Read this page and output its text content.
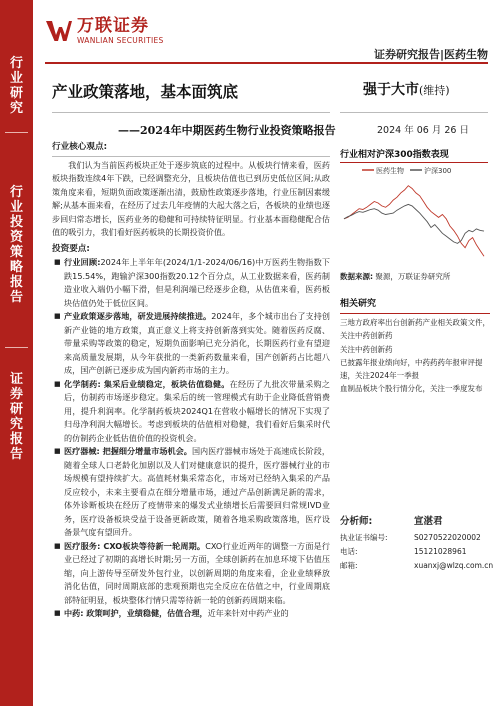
行
业
研
究
行
业
投
资
策
略
报
告
证
券
研
究
报
告
万联证券
WANLIAN SECURITIES
证券研究报告|医药生物
产业政策落地，基本面筑底	强于大市(维持)
——2024年中期医药生物行业投资策略报告	2024 年 06 月 26 日
行业核心观点:
我们认为当前医药板块正处于逐步筑底的过程中。从板块行情来看，医药板块指数连续4年下跌，已经调整充分，且板块估值也已到历史低位区间;从政策角度来看，短期负面政策逐渐出清，鼓励性政策逐步落地，行业压制因素缓解;从基本面来看，在经历了过去几年疫情的大起大落之后，各板块的业绩也逐步回归常态增长，医药业务的稳健和可持续特征明显。行业基本面稳健配合估值的吸引力，我们看好医药板块的长期投资价值。
投资要点:
■ 行业回顾:2024年上半年年(2024/1/1-2024/06/16)中万医药生物指数下跌15.54%，跑输沪深300指数20.12个百分点，从工业数据来看，医药制造业收入端仍小幅下滑，但是利润端已经逐步企稳，从估值来看，医药板块估值仍处于低位区间。
■ 产业政策逐步落地，研发进展持续推进。2024年，多个城市出台了支持创新产业链的地方政策，真正意义上将支持创新落到实处。随着医药反腐、带量采购等政策的稳定，短期负面影响已充分消化，长期医药行业有望迎来高质量发展期，从今年获批的一类新药数量来看，国产创新药占比超八成，国产创新已逐步成为国内新药市场的主力。
■ 化学制药: 集采后业绩稳定，板块估值稳健。在经历了九批次带量采购之后，仿制药市场逐步稳定。集采后的统一管理模式有助于企业降低营销费用，提升利润率。化学制药板块2024Q1在营收小幅增长的情况下实现了归母净利润大幅增长。考虑到板块的估值相对稳健，我们看好后集采时代的仿制药企业低估值价值的投资机会。
■ 医疗器械: 把握细分增量市场机会。国内医疗器械市场处于高速成长阶段，随着全球人口老龄化加剧以及人们对健康意识的提升，医疗器械行业的市场规模有望持续扩大。高值耗材集采常态化，市场对已经纳入集采的产品反应较小，未来主要看点在细分增量市场，通过产品创新满足新的需求，体外诊断板块在经历了疫情带来的爆发式业绩增长后需要回归常规IVD业务，医疗设备板块受益于设备更新政策，随着各地采购政策落地，医疗设备景气度有望回升。
■ 医疗服务: CXO板块等待新一轮周期。CXO行业近两年的调整一方面是行业已经过了初期的高增长时期;另一方面，全球创新药在加息环境下估值压缩，向上游传导至研发外包行业，以创新周期的角度来看，企业业绩释放消化估值，同时周期底部的悲观预期也完全反应在估值之中，行业周期底部特征明显，板块整体行情只需等待新一轮的创新药周期来临。
■ 中药: 政策呵护，业绩稳健，估值合理，近年来针对中药产业的
行业相对沪深300指数表现
医药生物	沪深300
数据来源: 聚源，万联证券研究所
相关研究
三地方政府率出台创新药产业相关政策文件，关注中药创新药
关注中药创新药
已披露年报业绩向好，中药药药年报审评提速，关注2024年一季报
血制品板块个股行情分化，关注一季度发布
分析师:	宣湛君
执业证书编号:	S0270522020002
电话:	15121028961
邮箱:	xuanxj@wlzq.com.cn
